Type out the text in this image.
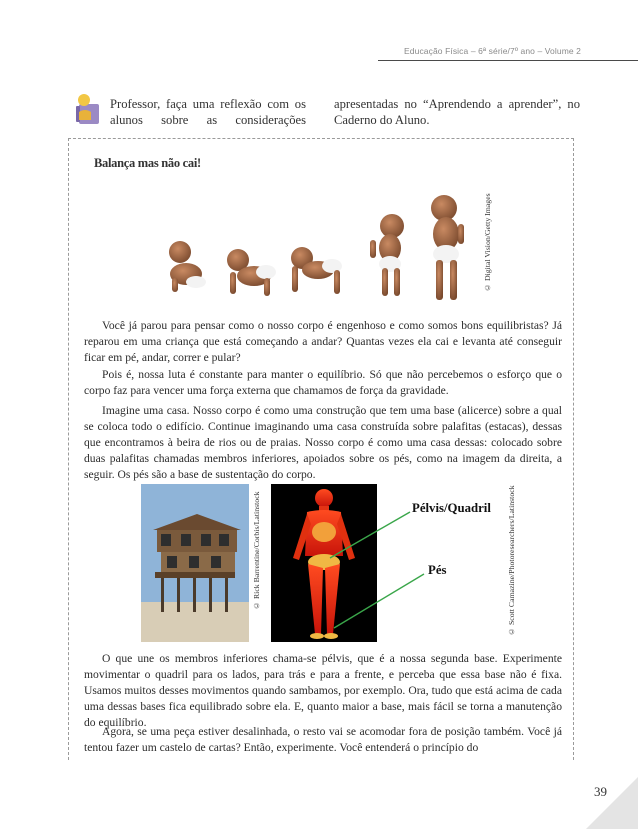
Educação Física – 6ª série/7º ano – Volume 2
Professor, faça uma reflexão com os alunos sobre as considerações
apresentadas no “Aprendendo a aprender”, no Caderno do Aluno.
Balança mas não cai!
© Digital Vision/Getty Images

Você já parou para pensar como o nosso corpo é engenhoso e como somos bons equilibristas? Já reparou em uma criança que está começando a andar? Quantas vezes ela cai e levanta até conseguir ficar em pé, andar, correr e pular?

Pois é, nossa luta é constante para manter o equilíbrio. Só que não percebemos o esforço que o corpo faz para vencer uma força externa que chamamos de força da gravidade.

Imagine uma casa. Nosso corpo é como uma construção que tem uma base (alicerce) sobre a qual se coloca todo o edifício. Continue imaginando uma casa construída sobre palafitas (estacas), dessas que encontramos à beira de rios ou de praias. Nosso corpo é como uma casa dessas: colocado sobre duas palafitas chamadas membros inferiores, apoiados sobre os pés, como na imagem da direita, a seguir. Os pés são a base de sustentação do corpo.

© Rick Barrentine/Corbis/Latinstock	© Scott Camazine/Photoresearchers/Latinstock
Pélvis/Quadril
Pés

O que une os membros inferiores chama-se pélvis, que é a nossa segunda base. Experimente movimentar o quadril para os lados, para trás e para a frente, e perceba que essa base não é fixa. Usamos muitos desses movimentos quando sambamos, por exemplo. Ora, tudo que está acima de cada uma dessas bases fica equilibrado sobre ela. E, quanto maior a base, mais fácil se torna a manutenção do equilíbrio.

Agora, se uma peça estiver desalinhada, o resto vai se acomodar fora de posição também. Você já tentou fazer um castelo de cartas? Então, experimente. Você entenderá o princípio do

39
